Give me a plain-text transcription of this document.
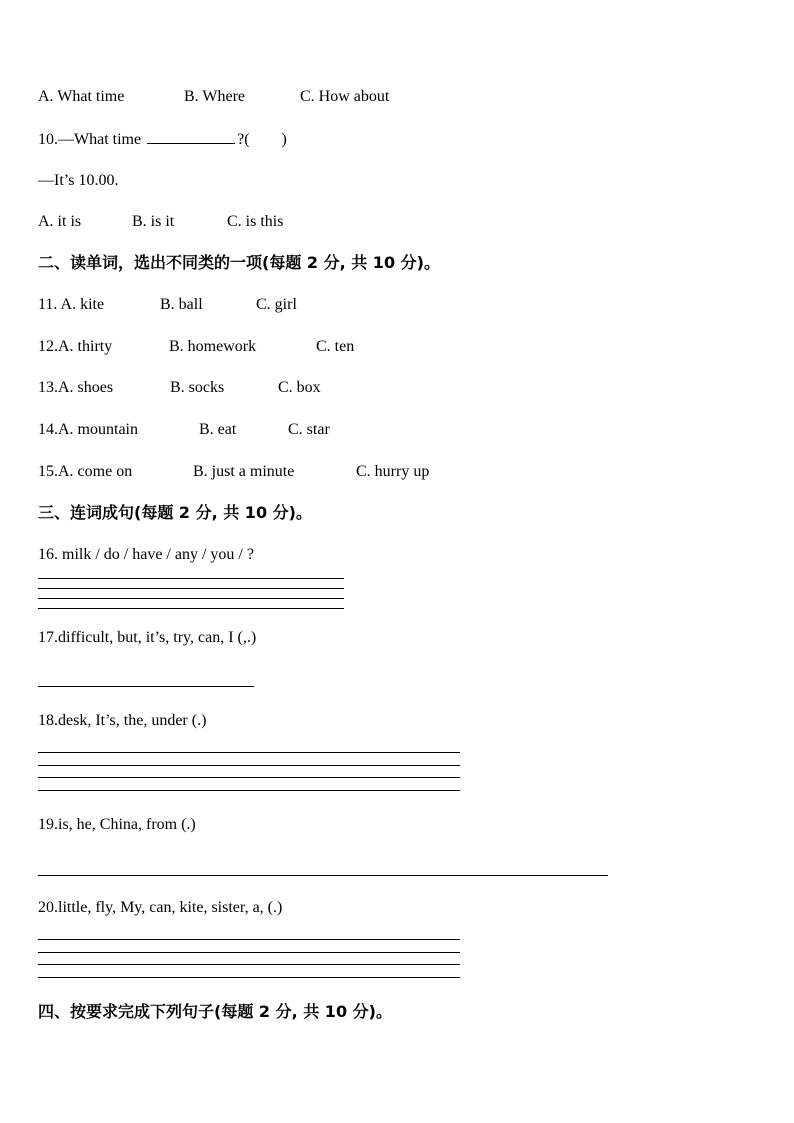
A. What time	B. Where	C. How about
10.—What time	?(        )
—It’s 10.00.
A. it is	B. is it	C. is this
二、读单词，选出不同类的一项(每题 2 分, 共 10 分)。
11. A. kite	B. ball	C. girl
12.A. thirty	B. homework	C. ten
13.A. shoes	B. socks	C. box
14.A. mountain	B. eat	C. star
15.A. come on	B. just a minute	C. hurry up
三、连词成句(每题 2 分, 共 10 分)。
16. milk / do / have / any / you / ?
17.difficult, but, it’s, try, can, I (,.)
18.desk, It’s, the, under (.)
19.is, he, China, from (.)
20.little, fly, My, can, kite, sister, a, (.)
四、按要求完成下列句子(每题 2 分, 共 10 分)。
